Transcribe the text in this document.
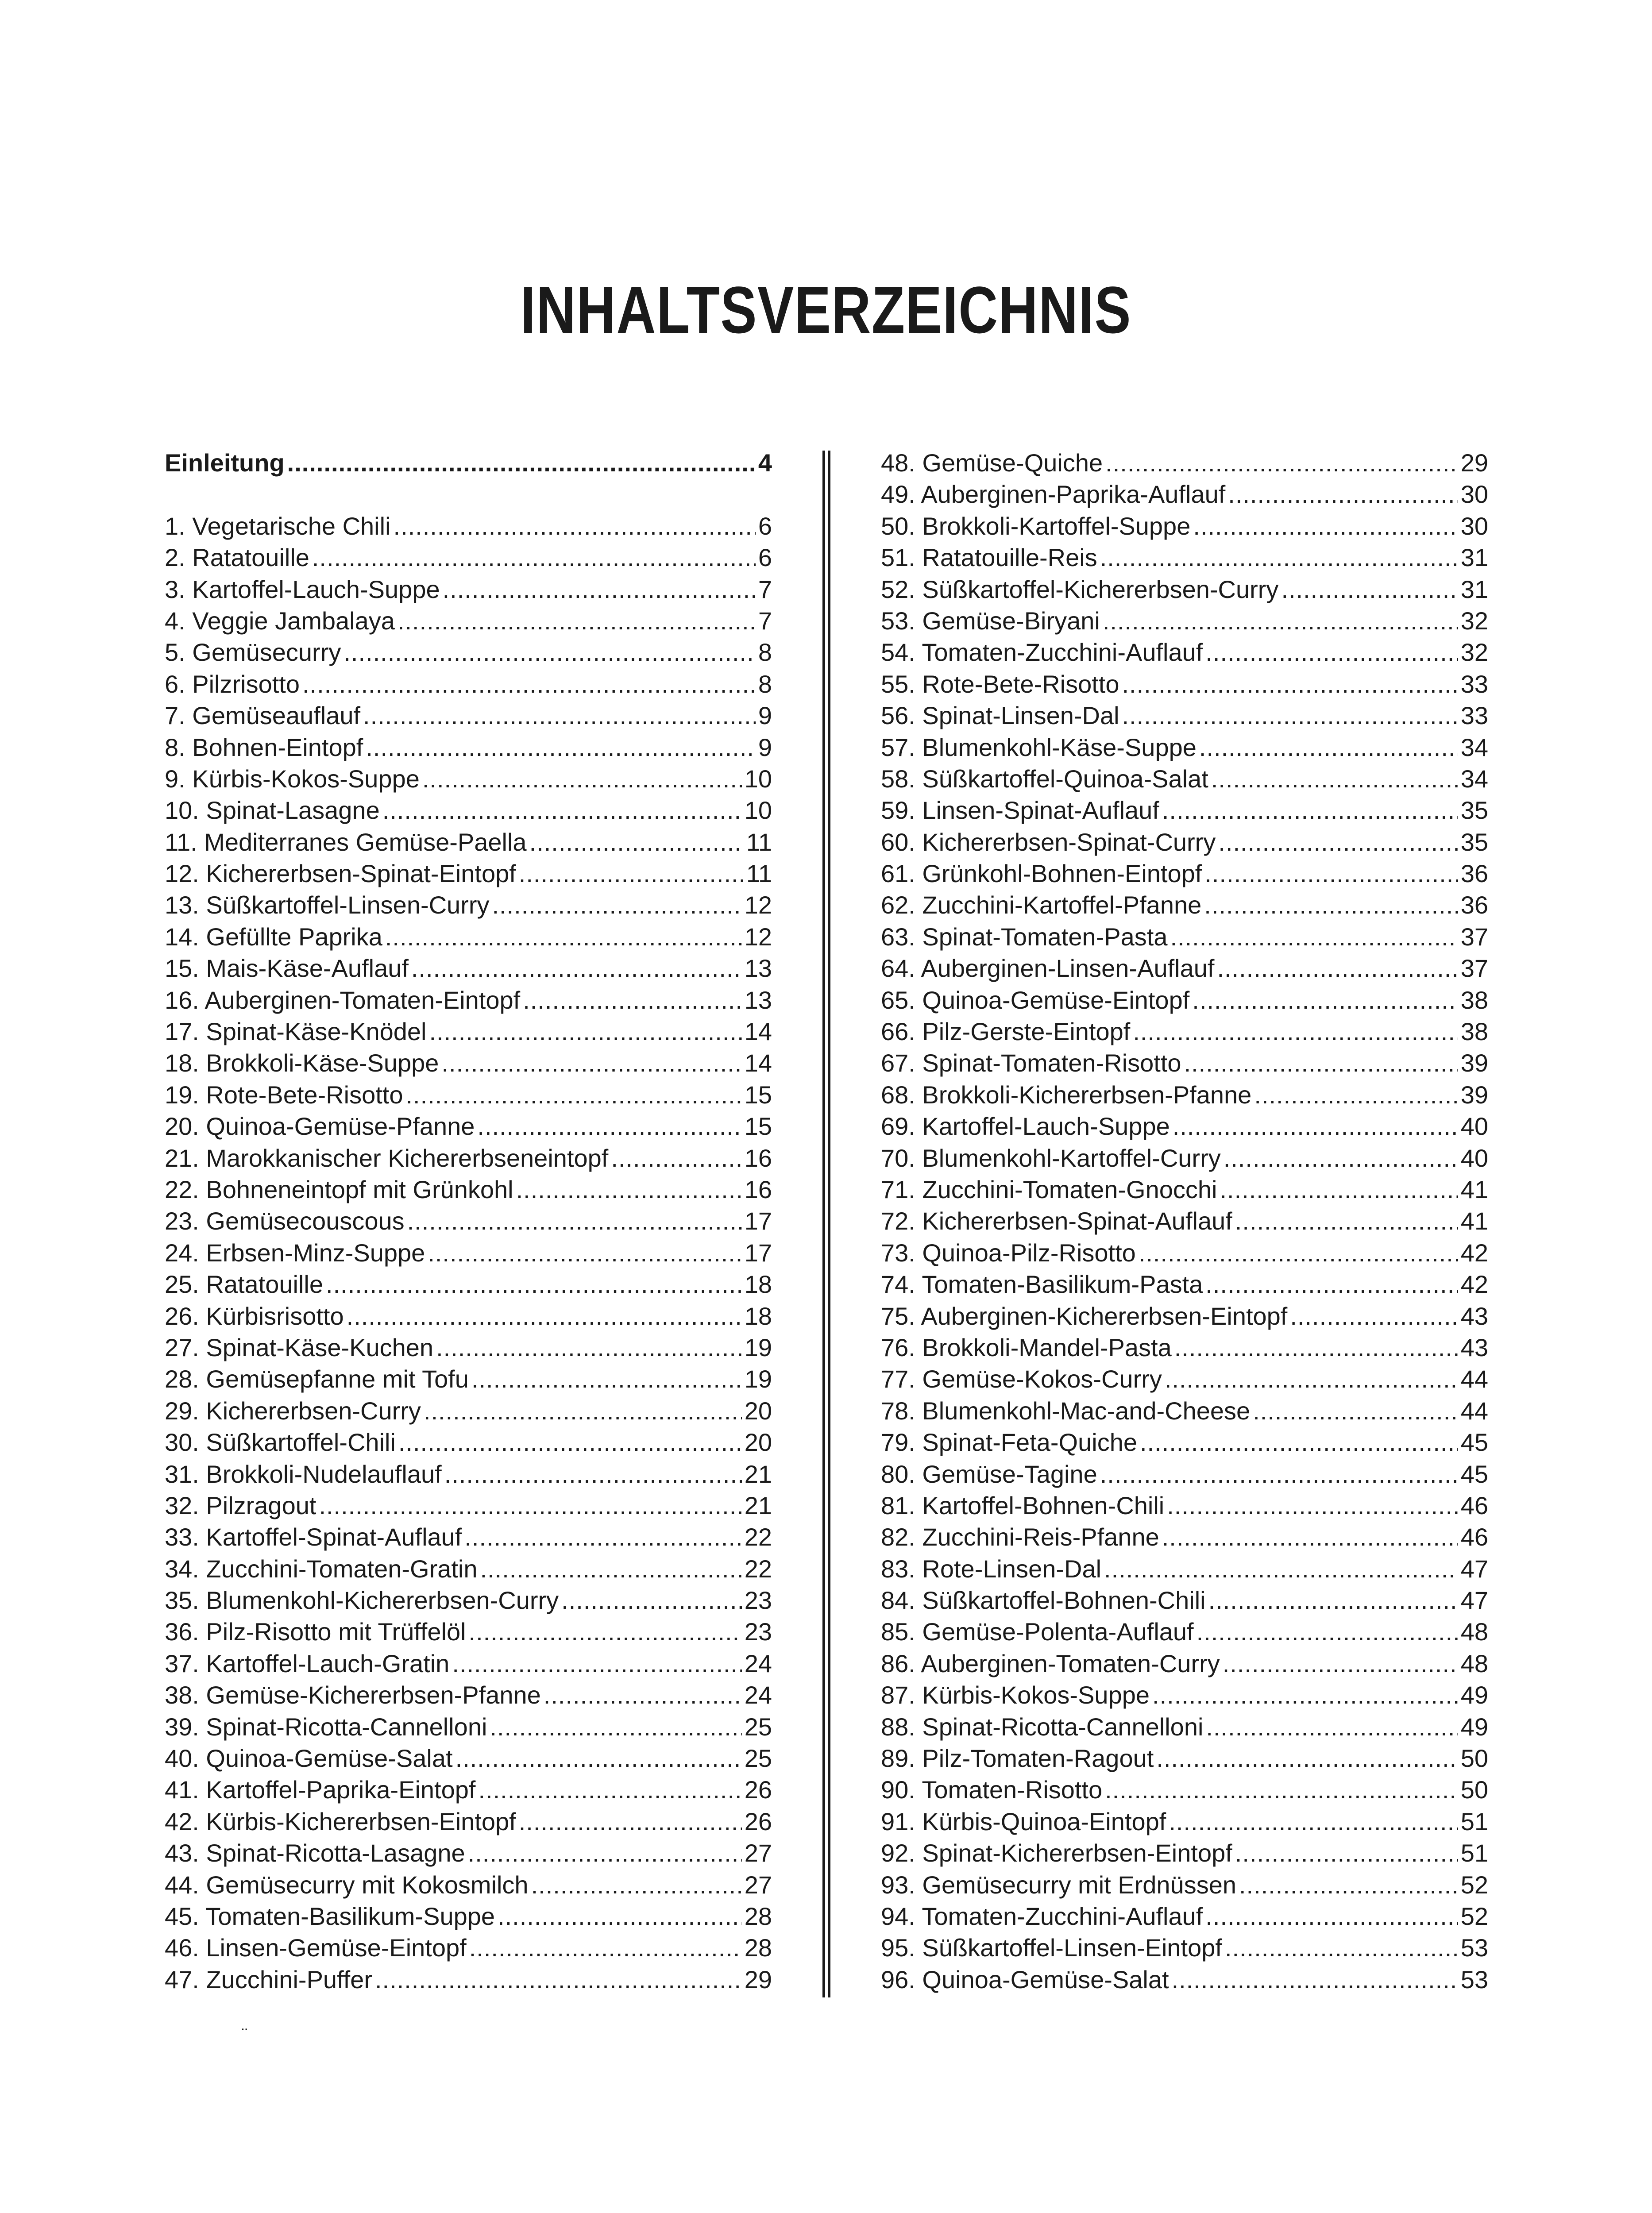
INHALTSVERZEICHNIS
Einleitung .....	4
1. Vegetarische Chili .....	6
2. Ratatouille .....	6
3. Kartoffel-Lauch-Suppe .....	7
4. Veggie Jambalaya .....	7
5. Gemüsecurry .....	8
6. Pilzrisotto .....	8
7. Gemüseauflauf .....	9
8. Bohnen-Eintopf .....	9
9. Kürbis-Kokos-Suppe .....	10
10. Spinat-Lasagne .....	10
11. Mediterranes Gemüse-Paella .....	11
12. Kichererbsen-Spinat-Eintopf .....	11
13. Süßkartoffel-Linsen-Curry .....	12
14. Gefüllte Paprika .....	12
15. Mais-Käse-Auflauf .....	13
16. Auberginen-Tomaten-Eintopf .....	13
17. Spinat-Käse-Knödel .....	14
18. Brokkoli-Käse-Suppe .....	14
19. Rote-Bete-Risotto .....	15
20. Quinoa-Gemüse-Pfanne .....	15
21. Marokkanischer Kichererbseneintopf .....	16
22. Bohneneintopf mit Grünkohl .....	16
23. Gemüsecouscous .....	17
24. Erbsen-Minz-Suppe .....	17
25. Ratatouille .....	18
26. Kürbisrisotto .....	18
27. Spinat-Käse-Kuchen .....	19
28. Gemüsepfanne mit Tofu .....	19
29. Kichererbsen-Curry .....	20
30. Süßkartoffel-Chili .....	20
31. Brokkoli-Nudelauflauf .....	21
32. Pilzragout .....	21
33. Kartoffel-Spinat-Auflauf .....	22
34. Zucchini-Tomaten-Gratin .....	22
35. Blumenkohl-Kichererbsen-Curry .....	23
36. Pilz-Risotto mit Trüffelöl .....	23
37. Kartoffel-Lauch-Gratin .....	24
38. Gemüse-Kichererbsen-Pfanne .....	24
39. Spinat-Ricotta-Cannelloni .....	25
40. Quinoa-Gemüse-Salat .....	25
41. Kartoffel-Paprika-Eintopf .....	26
42. Kürbis-Kichererbsen-Eintopf .....	26
43. Spinat-Ricotta-Lasagne .....	27
44. Gemüsecurry mit Kokosmilch .....	27
45. Tomaten-Basilikum-Suppe .....	28
46. Linsen-Gemüse-Eintopf .....	28
47. Zucchini-Puffer .....	29
48. Gemüse-Quiche .....	29
49. Auberginen-Paprika-Auflauf .....	30
50. Brokkoli-Kartoffel-Suppe .....	30
51. Ratatouille-Reis .....	31
52. Süßkartoffel-Kichererbsen-Curry .....	31
53. Gemüse-Biryani .....	32
54. Tomaten-Zucchini-Auflauf .....	32
55. Rote-Bete-Risotto .....	33
56. Spinat-Linsen-Dal .....	33
57. Blumenkohl-Käse-Suppe .....	34
58. Süßkartoffel-Quinoa-Salat .....	34
59. Linsen-Spinat-Auflauf .....	35
60. Kichererbsen-Spinat-Curry .....	35
61. Grünkohl-Bohnen-Eintopf .....	36
62. Zucchini-Kartoffel-Pfanne .....	36
63. Spinat-Tomaten-Pasta .....	37
64. Auberginen-Linsen-Auflauf .....	37
65. Quinoa-Gemüse-Eintopf .....	38
66. Pilz-Gerste-Eintopf .....	38
67. Spinat-Tomaten-Risotto .....	39
68. Brokkoli-Kichererbsen-Pfanne .....	39
69. Kartoffel-Lauch-Suppe .....	40
70. Blumenkohl-Kartoffel-Curry .....	40
71. Zucchini-Tomaten-Gnocchi .....	41
72. Kichererbsen-Spinat-Auflauf .....	41
73. Quinoa-Pilz-Risotto .....	42
74. Tomaten-Basilikum-Pasta .....	42
75. Auberginen-Kichererbsen-Eintopf .....	43
76. Brokkoli-Mandel-Pasta .....	43
77. Gemüse-Kokos-Curry .....	44
78. Blumenkohl-Mac-and-Cheese .....	44
79. Spinat-Feta-Quiche .....	45
80. Gemüse-Tagine .....	45
81. Kartoffel-Bohnen-Chili .....	46
82. Zucchini-Reis-Pfanne .....	46
83. Rote-Linsen-Dal .....	47
84. Süßkartoffel-Bohnen-Chili .....	47
85. Gemüse-Polenta-Auflauf .....	48
86. Auberginen-Tomaten-Curry .....	48
87. Kürbis-Kokos-Suppe .....	49
88. Spinat-Ricotta-Cannelloni .....	49
89. Pilz-Tomaten-Ragout .....	50
90. Tomaten-Risotto .....	50
91. Kürbis-Quinoa-Eintopf .....	51
92. Spinat-Kichererbsen-Eintopf .....	51
93. Gemüsecurry mit Erdnüssen .....	52
94. Tomaten-Zucchini-Auflauf .....	52
95. Süßkartoffel-Linsen-Eintopf .....	53
96. Quinoa-Gemüse-Salat .....	53
¨
